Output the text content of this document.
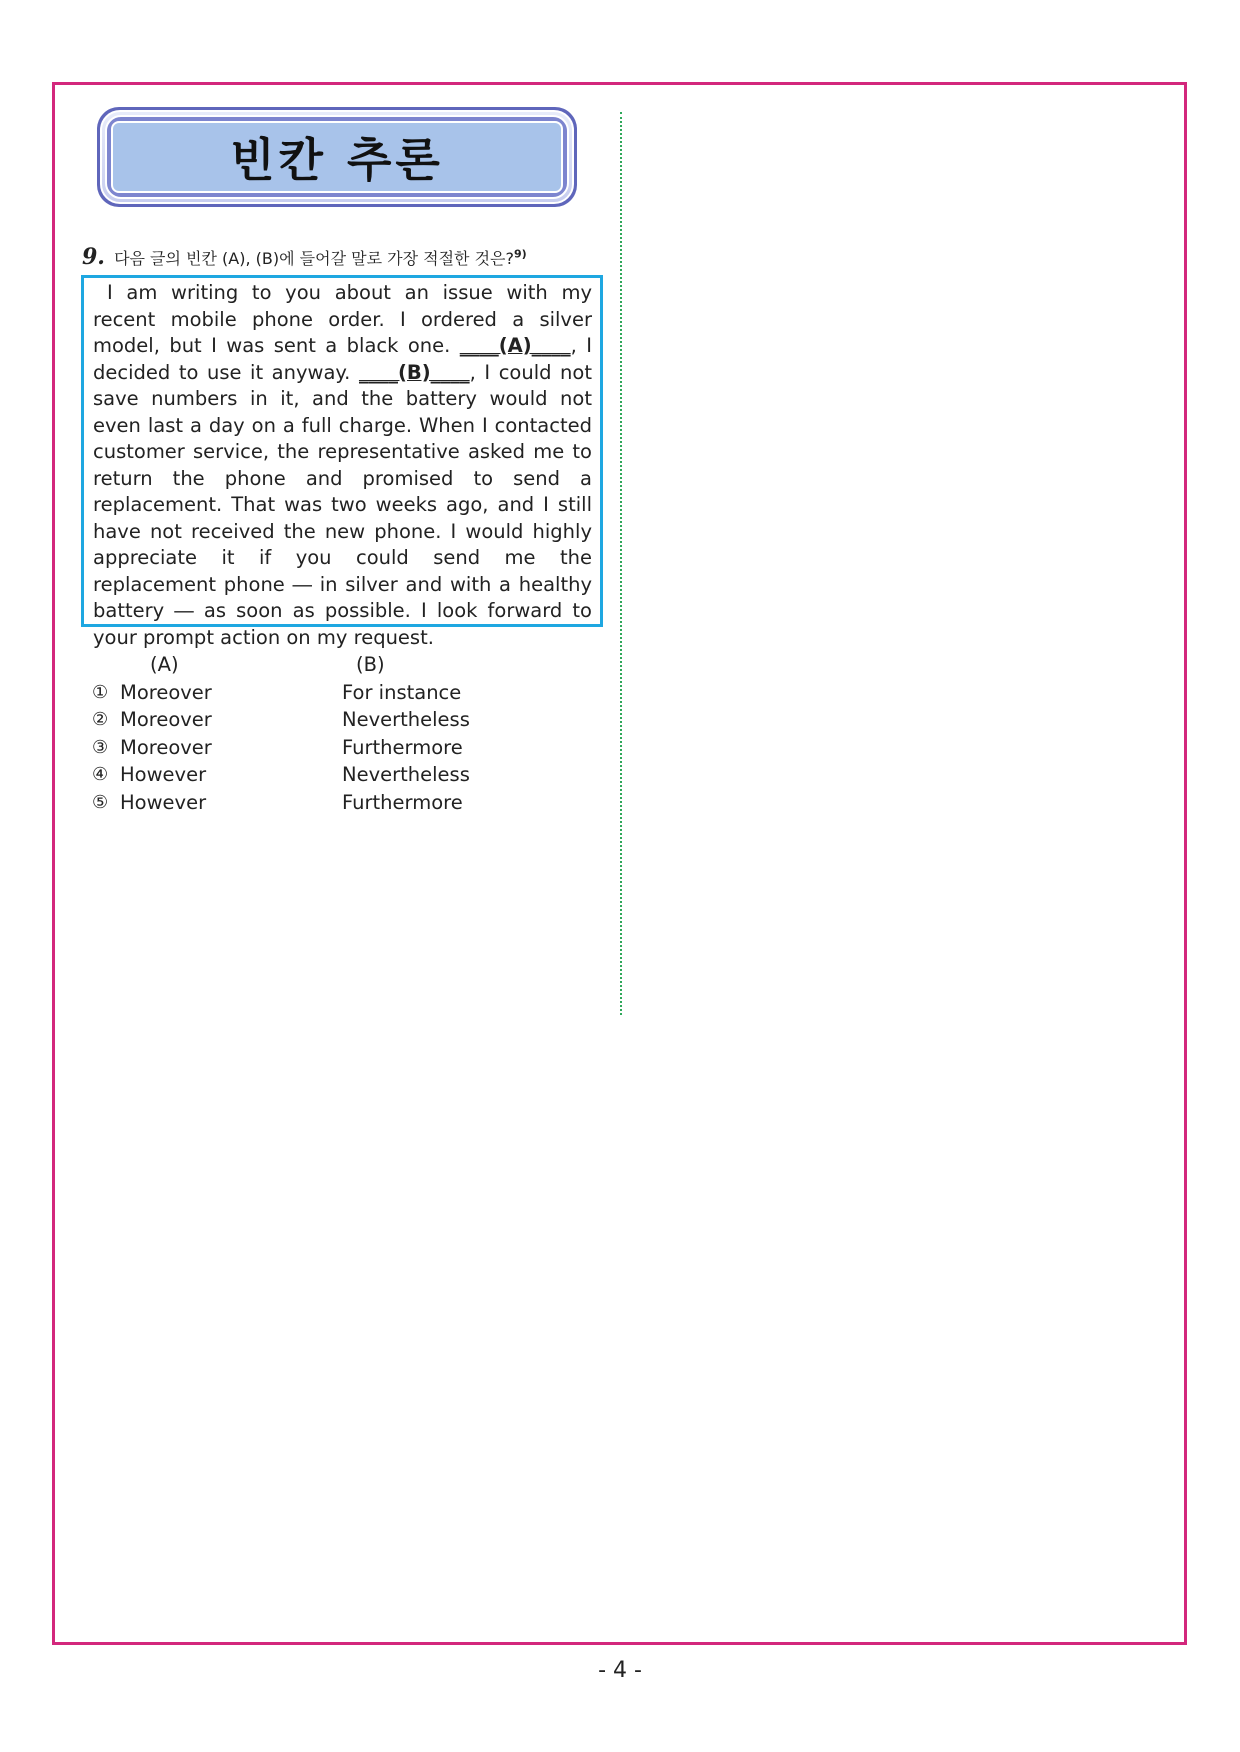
빈칸 추론
9. 다음 글의 빈칸 (A), (B)에 들어갈 말로 가장 적절한 것은?$^{9)}$

I am writing to you about an issue with my recent mobile phone order. I ordered a silver model, but I was sent a black one. ____(A)____, I decided to use it anyway. ____(B)____, I could not save numbers in it, and the battery would not even last a day on a full charge. When I contacted customer service, the representative asked me to return the phone and promised to send a replacement. That was two weeks ago, and I still have not received the new phone. I would highly appreciate it if you could send me the replacement phone ― in silver and with a healthy battery ― as soon as possible. I look forward to your prompt action on my request.

(A)	(B)
① Moreover	For instance
② Moreover	Nevertheless
③ Moreover	Furthermore
④ However	Nevertheless
⑤ However	Furthermore
- 4 -
